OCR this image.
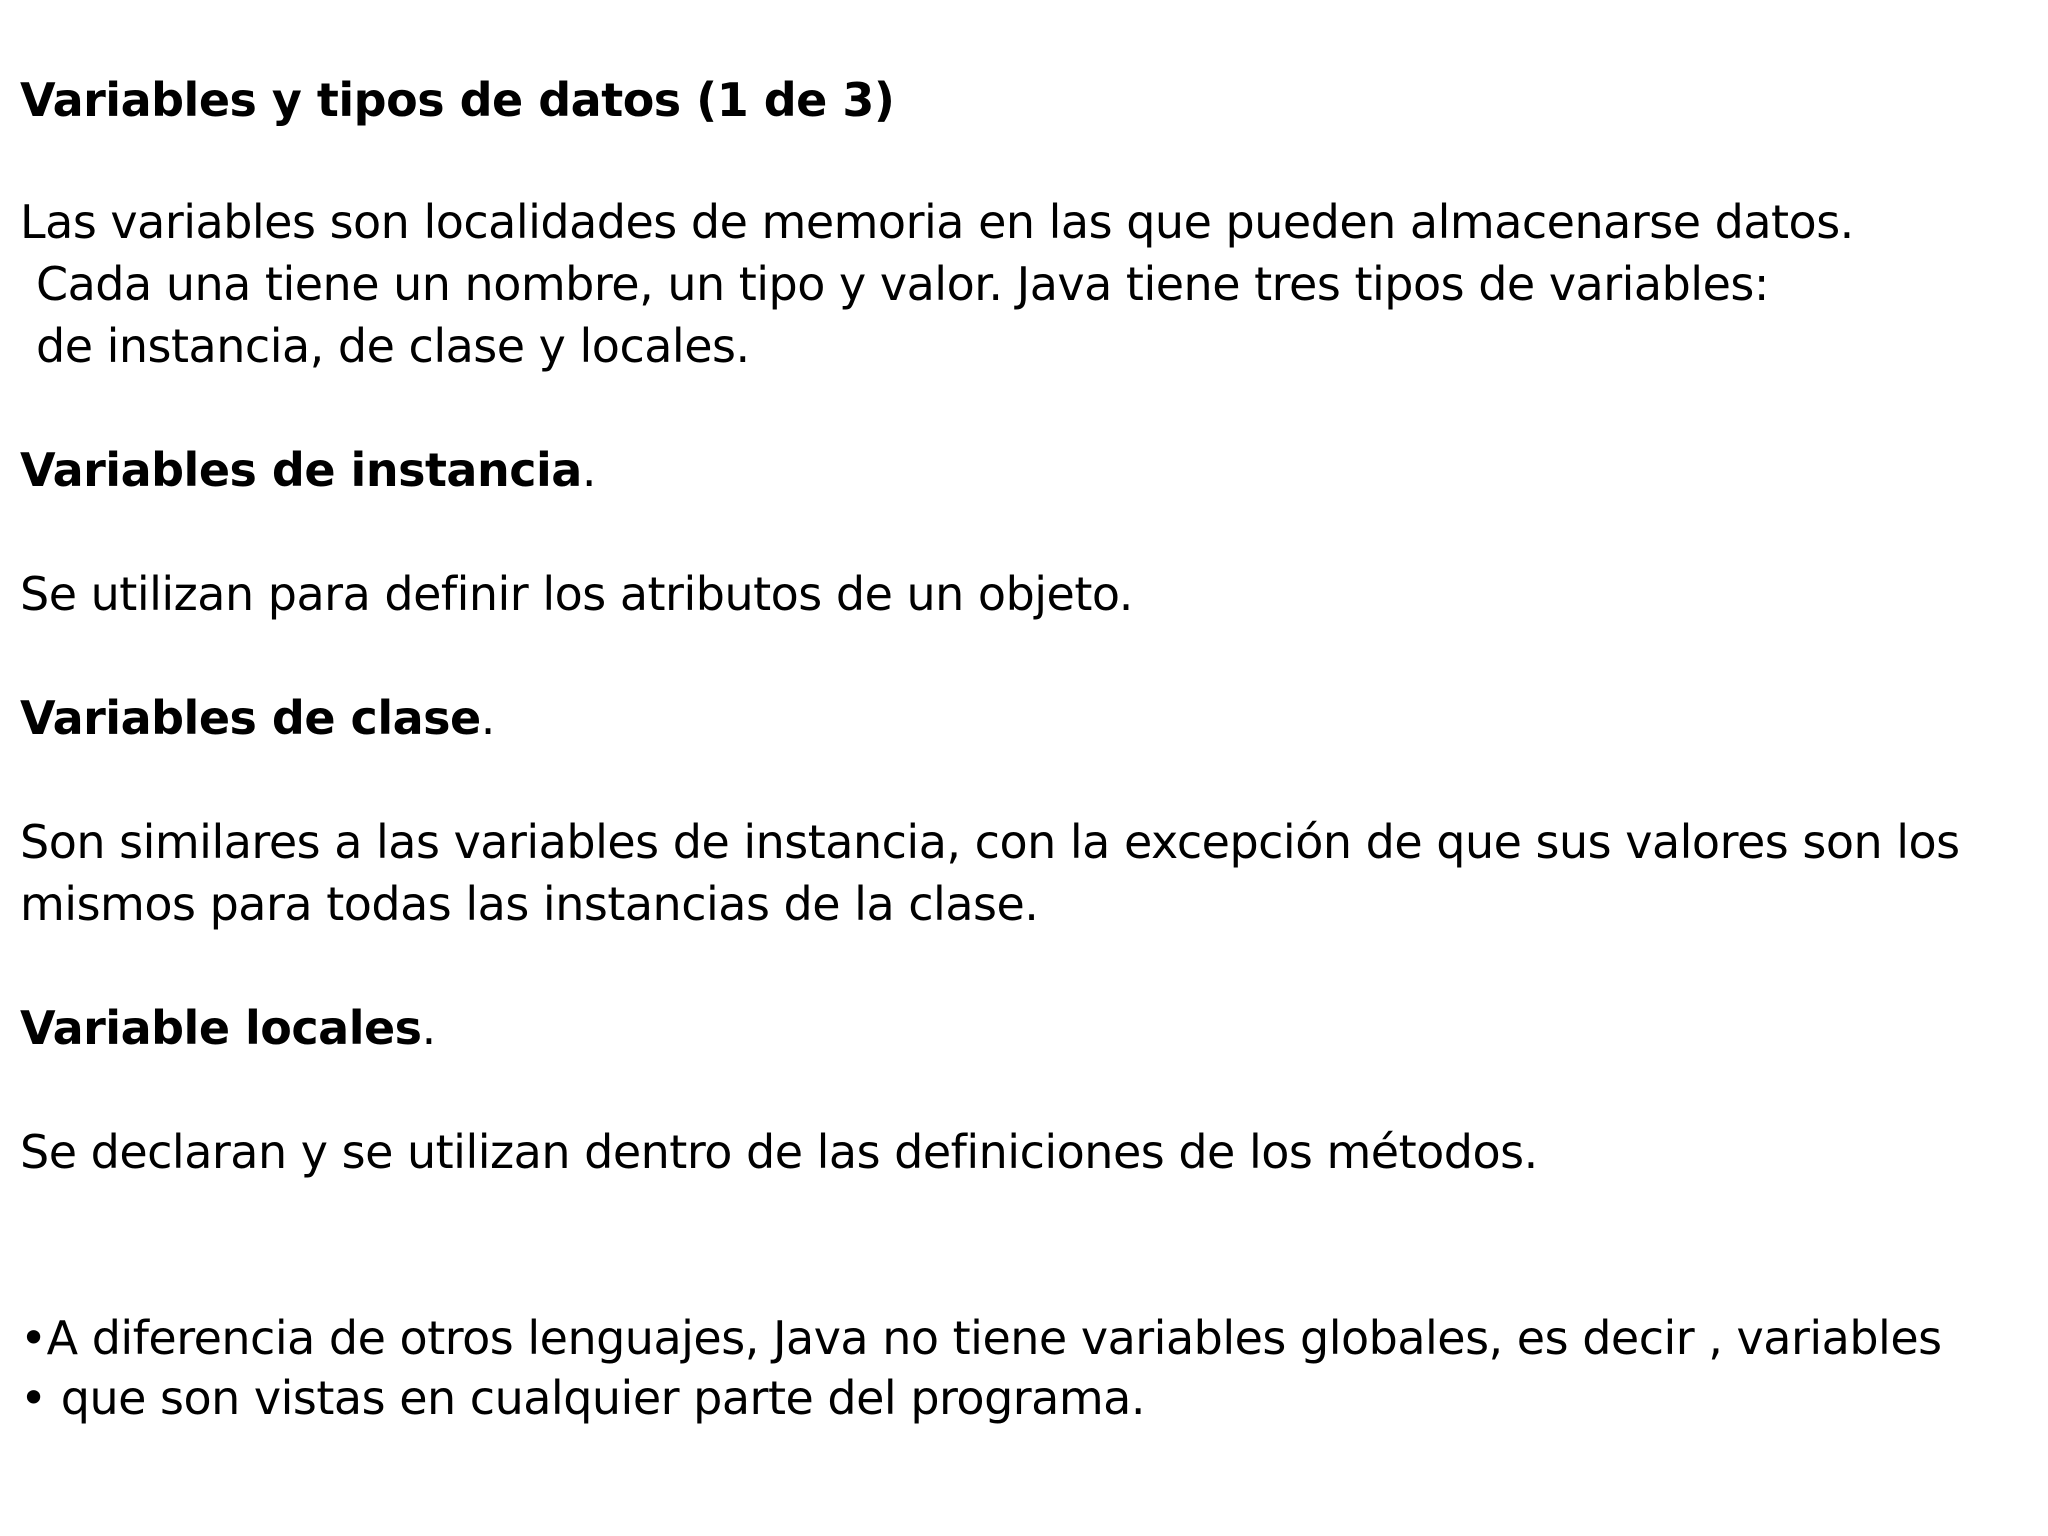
Variables y tipos de datos (1 de 3)
Las variables son localidades de memoria en las que pueden almacenarse datos.
Cada una tiene un nombre, un tipo y valor. Java tiene tres tipos de variables:
de instancia, de clase y locales.
Variables de instancia.
Se utilizan para definir los atributos de un objeto.
Variables de clase.
Son similares a las variables de instancia, con la excepción de que sus valores son los
mismos para todas las instancias de la clase.
Variable locales.
Se declaran y se utilizan dentro de las definiciones de los métodos.
•A diferencia de otros lenguajes, Java no tiene variables globales, es decir , variables
• que son vistas en cualquier parte del programa.
